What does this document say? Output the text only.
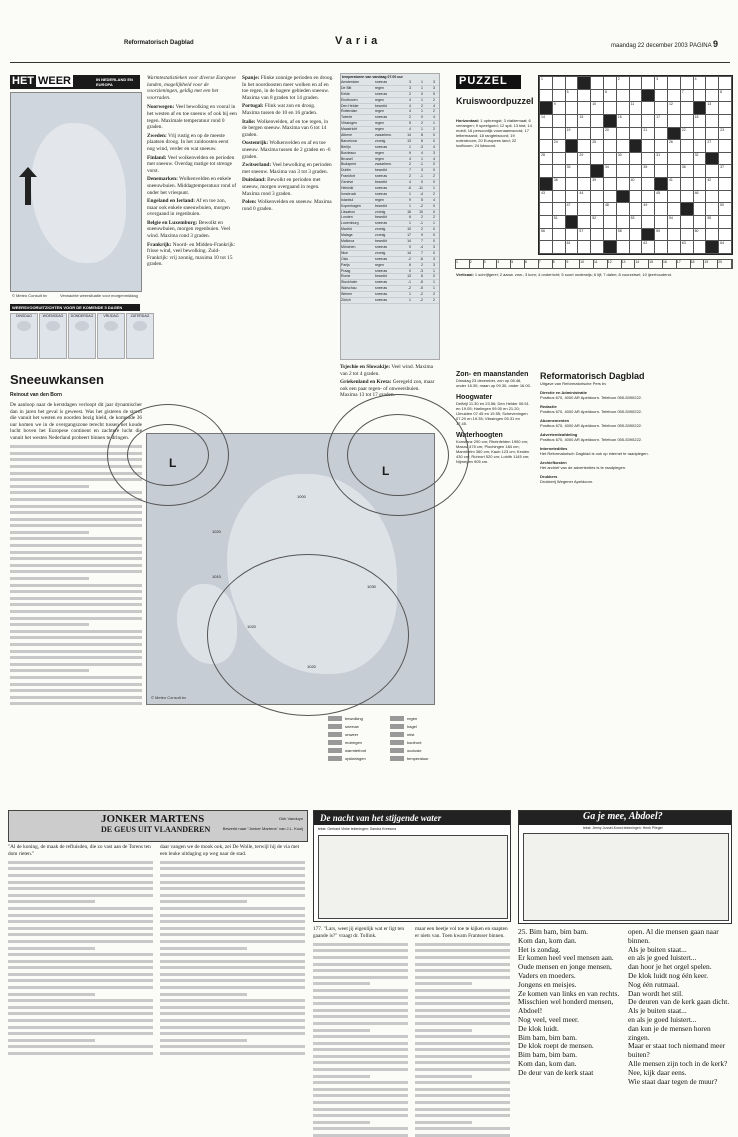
Reformatorisch Dagblad	Varia	maandag 22 december 2003 PAGINA 9
HET WEER	IN NEDERLAND EN EUROPA
© Meteo Consult bv	Verwachte weersituatie voor morgenmiddag
WEERSVOORUITZICHTEN VOOR DE KOMENDE 5 DAGEN
DINSDAG	WOENSDAG	DONDERDAG	VRIJDAG	ZATERDAG
Sneeuwkansen
Reinout van den Born

De aanloop naar de kerstdagen verloopt dit jaar dynamischer dan in jaren het geval is geweest. Was het gisteren de storm die vanuit het westen en noorden bezig hield, de komende 36 uur komen we in de overgangszone terecht tussen het koude lucht boven het Europese continent en zachtere lucht die vanuit het westen Nederland probeert binnen te dringen.

Warmtestatistieken voor diverse Europese landen, mogelijkheid voor de voorzieningen, geldig met een het voorraden.
Noorwegen: Veel bewolking en vooral in het westen af en toe sneeuw of ook bij een tegen. Maximale temperatuur rond 0 graden.
Zweden: Vrij rustig en op de meeste plaatsen droog. In het zuidoosten eerst nog wind, verder en wat sneeuw.
Finland: Veel wolkenvelden en perioden met sneeuw. Overdag matige tot strenge vorst.
Denemarken: Wolkenvelden en enkele sneeuwbuien. Middagtemperatuur rond of onder het vriespunt.
Engeland en Ierland: Af en toe zon, maar ook enkele sneeuwbuien, morgen overgaand in regenbuien.
Belgie en Luxemburg: Bewolkt en sneeuwbuien, morgen regenbuien. Veel wind. Maxima rond 3 graden.
Frankrijk: Noord- en Midden-Frankrijk: frisse wind, veel bewolking. Zuid-Frankrijk: vrij zonnig, maxima 10 tot 15 graden.
Spanje: Flinke zonnige perioden en droog. In het noordoosten meer wolken en af en toe regen, in de hogere gebieden sneeuw. Maxima van 8 graden tot 14 graden.
Portugal: Flink wat zon en droog. Maxima tussen de 10 en 16 graden.
Italie: Wolkenvelden, af en toe regen, in de bergen sneeuw. Maxima van 6 tot 14 graden.
Oostenrijk: Wolkenvelden en af en toe sneeuw. Maxima tussen de 2 graden en -6 graden.
Zwitserland: Veel bewolking en perioden met sneeuw. Maxima van 3 tot 3 graden.
Duitsland: Bewolkt en perioden met sneeuw, morgen overgaand in regen. Maxima rond 3 graden.
Polen: Wolkenvelden en sneeuw. Maxima rond 0 graden.
temperaturen van vandaag 07.00 uur
Amsterdam	sneeuw	3	1	3
De Bilt	regen	3	1	3
Eelde	sneeuw	2	0	5
Eindhoven	regen	4	1	2
Den Helder	bewolkt	4	2	4
Rotterdam	regen	4	1	2
Twente	sneeuw	2	0	4
Vlissingen	regen	5	2	1
Maastricht	regen	4	1	2
Athene	zwaarbew.	14	8	0
Barcelona	zonnig	13	6	0
Berlijn	sneeuw	1	-3	4
Bordeaux	regen	9	4	3
Brussel	regen	4	1	4
Budapest	zwaarbew.	2	-1	0
Dublin	bewolkt	7	3	0
Frankfort	sneeuw	2	-1	2
Genève	bewolkt	4	0	0
Helsinki	sneeuw	-6	-11	1
Innsbruck	sneeuw	1	-4	2
Istanbul	regen	9	5	4
Kopenhagen	bewolkt	1	-2	0
Lissabon	zonnig	16	10	0
Londen	bewolkt	6	2	2
Luxemburg	sneeuw	1	-1	1
Madrid	zonnig	10	2	0
Malaga	zonnig	17	9	0
Mallorca	bewolkt	14	7	0
München	sneeuw	0	-4	3
Nice	zonnig	14	7	0
Oslo	sneeuw	-2	-6	3
Parijs	regen	6	2	3
Praag	sneeuw	0	-3	1
Rome	bewolkt	13	6	0
Stockholm	sneeuw	-1	-5	1
Warschau	sneeuw	-2	-5	1
Wenen	sneeuw	1	-2	2
Zürich	sneeuw	1	-2	2
Tsjechie en Slowakije: Veel wind. Maxima van 2 tot 4 graden.
Griekenland en Kreta: Geregeld zon, maar ook een paar regen- of onweersbuien. Maxima 13 tot 17 graden.
PUZZEL
Kruiswoordpuzzel
Horizontaal: 1 opbrengst; 3 vlaktemaat; 6 verlangen; 9 speelgoed; 12 spil; 13 kist; 14 mobil; 16 persoonlijk voornaamwoord; 17 lettermaand; 18 rangtelwoord; 19 notenboom; 20 Europees land; 22 loofboom; 24 lidwoord.
1						2			3			4		
		5			6						7			8
	9			10			11			12			13	
14			15			16			17			18		
		19			20			21			22			23
	24			25						26			27	
28			29			30			31			32		
		33			34			35			36			37
	38			39			40			41			42	
43			44						45			46		
		47			48			49						50
	51			52			53			54			55	
56			57			58			59			60		
		61						62			63			64
1	2	3	4	5	6	7	8	9	10	11	12	13	14	15	16	17	18	19	20
Verticaal: 1 schrijfgerei; 2 aanw. vnw.; 3 kom; 4 onderricht; 5 soort onderwijs; 6 lijf; 7 dalen; 8 voorzetsel; 10 ijzerhoudend.
Zon- en maanstanden
Dinsdag 23 december, zon op 08.48, onder 16.30; maan op 09.30, onder 16.00.
Hoogwater
Delfzijl 11.30 en 23.56; Den Helder 06.51 en 19.05; Harlingen 09.00 en 21.20; IJmuiden 07.45 en 19.55; Scheveningen 07.20 en 19.35; Vlissingen 05.31 en 17.45.
Waterhoogten
Konstanz 290 cm; Rheinfelden 1900 cm; Maxau 475 cm; Plochingen 184 cm; Mannheim 360 cm; Kaub 123 cm; Keulen 430 cm; Ruhrort 520 cm; Lobith 1145 cm; Nijmegen 905 cm.
Reformatorisch Dagblad
Uitgave van Reformatorische Pers bv
Directie en Administratie
Postbus 670, 4000 AR Apeldoorn. Telefoon 055-5390222.
Redactie
Postbus 670, 4000 AR Apeldoorn. Telefoon 055-5390222.
Abonnementen
Postbus 670, 4000 AR Apeldoorn. Telefoon 055-5390222.
Advertentieafdeling
Postbus 670, 4000 AR Apeldoorn. Telefoon 055-5390222.
Internetedities
Het Reformatorisch Dagblad is ook op internet te raadplegen.
Archiefkosten
Het archief van de advertenties is te raadplegen.
Drukkers
Drukkerij Wegener Apeldoorn.
L
L
1020
1010
1000
1020
1030
1020
© Meteo Consult bv
bewolking	regen
sneeuw	hagel
onweer	mist
motregen	koufront
warmtefront	occlusie
opklaringen	temperatuur
JONKER MARTENS
DE GEUS UIT VLAANDEREN
Dirk Vanduyn
Bewerkt naar "Jonker Martens" van J.L. Kooij
"Al de koning, de maak de refluisden, die zo vast aan de Torens ten dom rieten."
daar vangen we de mook ook, zei De Wolle, terwijl hij de via met een leuke uitdaging op weg naar de stad.
De nacht van het stijgende water
tekst: Gerhard Vinke tekeningen: Sandra Kreesma
177. "Lars, weet jij eigenlijk wat er ligt ten gaande is?" vraagt dr. Tollink.
maar een beetje vol toe te kijken en snapten er niets van. Toen kwam Frantsser binnen.
Ga je mee, Abdoel?
tekst: Jenny Jussel-Konst tekeningen: Henk Plieger
25. Bim bam, bim bam.
Kom dan, kom dan.
Het is zondag.
Er komen heel veel mensen aan.
Oude mensen en jonge mensen,
Vaders en moeders.
Jongens en meisjes.
Ze komen van links en van rechts.
Misschien wel honderd mensen, Abdoel!
Nog veel, veel meer.
De klok luidt.
Bim bam, bim bam.
De klok roept de mensen.
Bim bam, bim bam.
Kom dan, kom dan.
De deur van de kerk staat
open. Al die mensen gaan naar binnen.
Als je buiten staat...
en als je goed luistert...
dan hoor je het orgel spelen.
De klok luidt nog één keer.
Nog één rutmaal.
Dan wordt het stil.
De deuren van de kerk gaan dicht.
Als je buiten staat...
en als je goed luistert...
dan kun je de mensen horen zingen.
Maar er staat toch niemand meer buiten?
Alle mensen zijn toch in de kerk?
Nee, kijk daar eens.
Wie staat daar tegen de muur?
